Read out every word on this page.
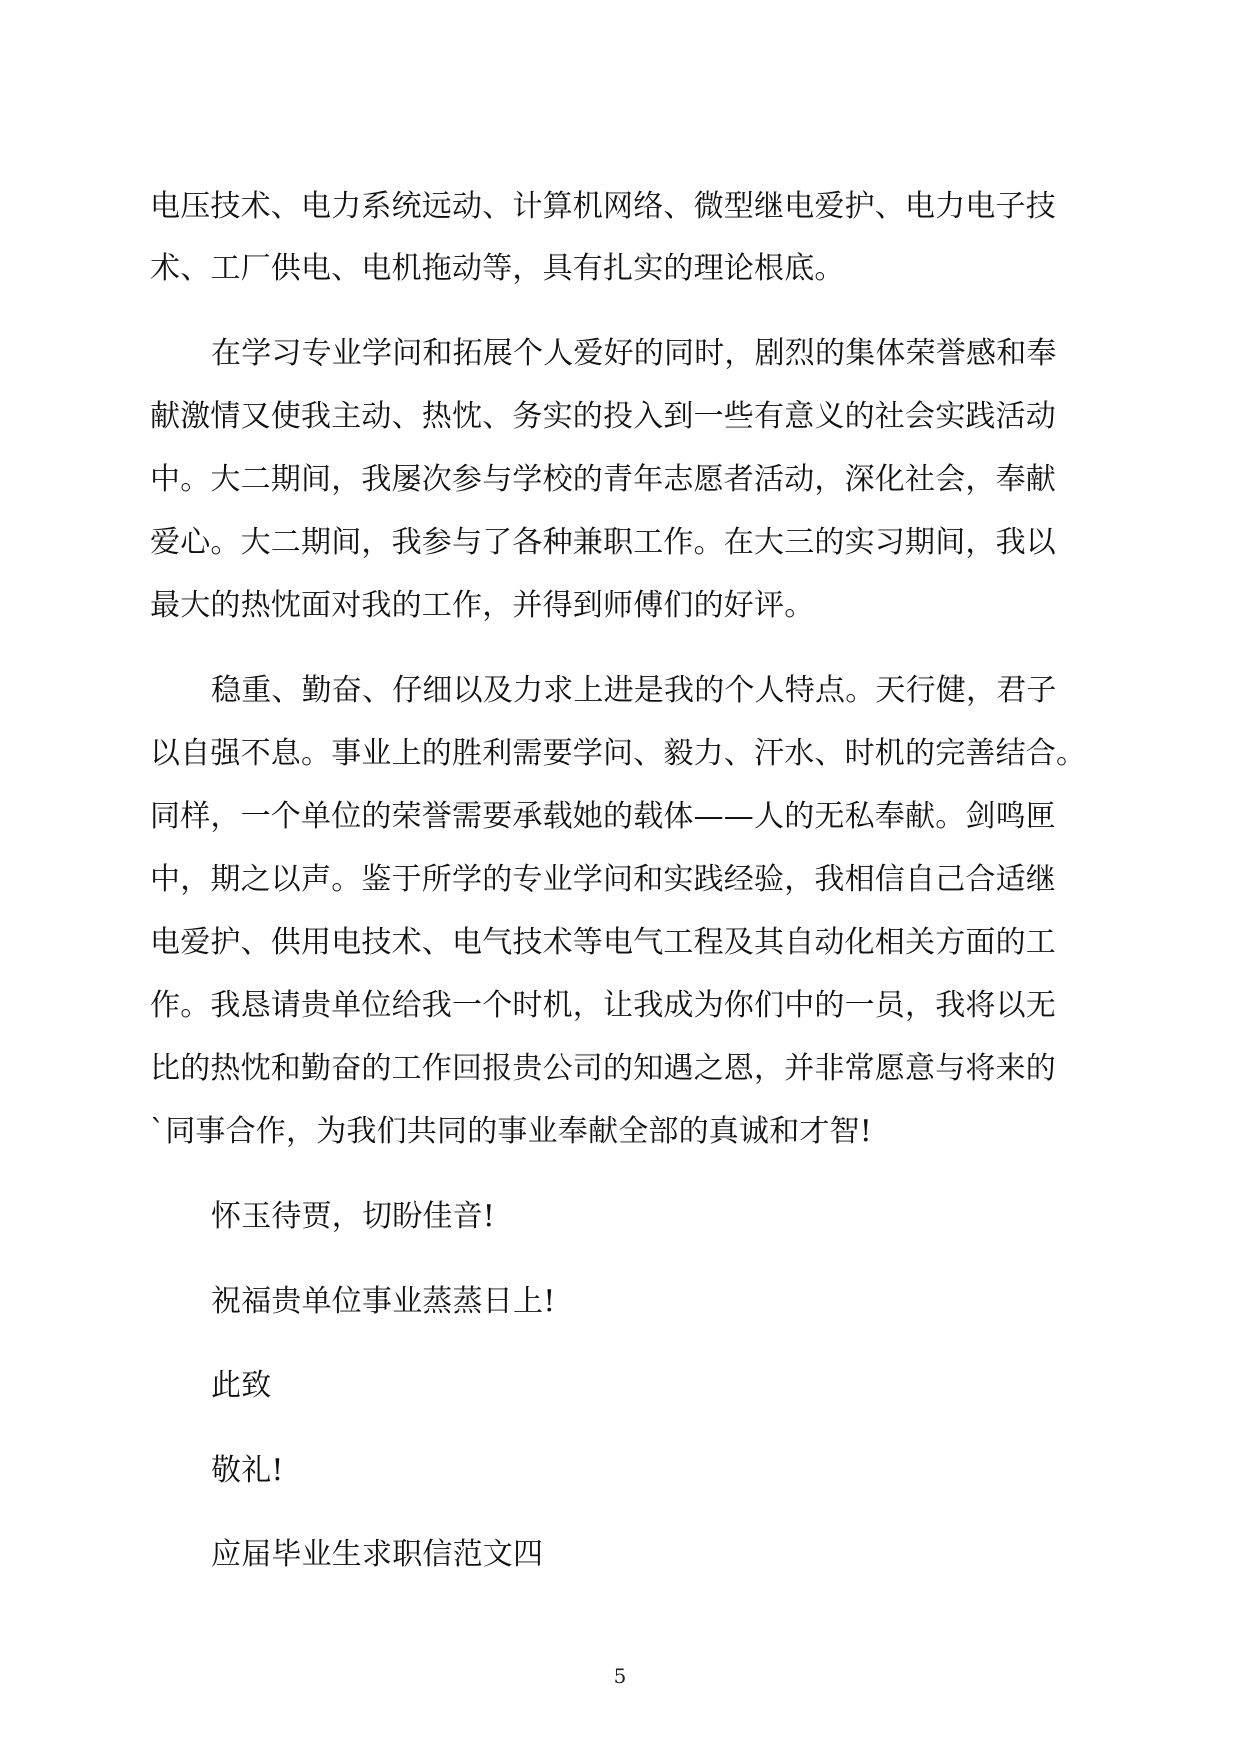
电压技术、电力系统远动、计算机网络、微型继电爱护、电力电子技
术、工厂供电、电机拖动等，具有扎实的理论根底。
在学习专业学问和拓展个人爱好的同时，剧烈的集体荣誉感和奉
献激情又使我主动、热忱、务实的投入到一些有意义的社会实践活动
中。大二期间，我屡次参与学校的青年志愿者活动，深化社会，奉献
爱心。大二期间，我参与了各种兼职工作。在大三的实习期间，我以
最大的热忱面对我的工作，并得到师傅们的好评。
稳重、勤奋、仔细以及力求上进是我的个人特点。天行健，君子
以自强不息。事业上的胜利需要学问、毅力、汗水、时机的完善结合。
同样，一个单位的荣誉需要承载她的载体——人的无私奉献。剑鸣匣
中，期之以声。鉴于所学的专业学问和实践经验，我相信自己合适继
电爱护、供用电技术、电气技术等电气工程及其自动化相关方面的工
作。我恳请贵单位给我一个时机，让我成为你们中的一员，我将以无
比的热忱和勤奋的工作回报贵公司的知遇之恩，并非常愿意与将来的
`同事合作，为我们共同的事业奉献全部的真诚和才智!
怀玉待贾，切盼佳音!
祝福贵单位事业蒸蒸日上!
此致
敬礼!
应届毕业生求职信范文四
5
